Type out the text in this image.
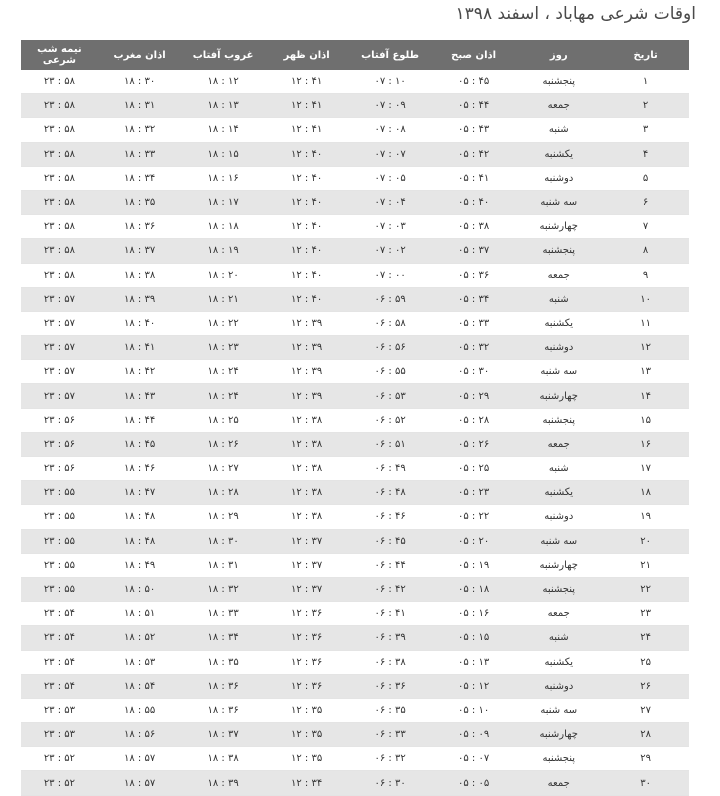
اوقات شرعی مهاباد ، اسفند ۱۳۹۸
تاریخ	روز	اذان صبح	طلوع آفتاب	اذان ظهر	غروب آفتاب	اذان مغرب	نیمه شب شرعی
۱	پنجشنبه	۰۵ : ۴۵	۰۷ : ۱۰	۱۲ : ۴۱	۱۸ : ۱۲	۱۸ : ۳۰	۲۳ : ۵۸
۲	جمعه	۰۵ : ۴۴	۰۷ : ۰۹	۱۲ : ۴۱	۱۸ : ۱۳	۱۸ : ۳۱	۲۳ : ۵۸
۳	شنبه	۰۵ : ۴۳	۰۷ : ۰۸	۱۲ : ۴۱	۱۸ : ۱۴	۱۸ : ۳۲	۲۳ : ۵۸
۴	یکشنبه	۰۵ : ۴۲	۰۷ : ۰۷	۱۲ : ۴۰	۱۸ : ۱۵	۱۸ : ۳۳	۲۳ : ۵۸
۵	دوشنبه	۰۵ : ۴۱	۰۷ : ۰۵	۱۲ : ۴۰	۱۸ : ۱۶	۱۸ : ۳۴	۲۳ : ۵۸
۶	سه شنبه	۰۵ : ۴۰	۰۷ : ۰۴	۱۲ : ۴۰	۱۸ : ۱۷	۱۸ : ۳۵	۲۳ : ۵۸
۷	چهارشنبه	۰۵ : ۳۸	۰۷ : ۰۳	۱۲ : ۴۰	۱۸ : ۱۸	۱۸ : ۳۶	۲۳ : ۵۸
۸	پنجشنبه	۰۵ : ۳۷	۰۷ : ۰۲	۱۲ : ۴۰	۱۸ : ۱۹	۱۸ : ۳۷	۲۳ : ۵۸
۹	جمعه	۰۵ : ۳۶	۰۷ : ۰۰	۱۲ : ۴۰	۱۸ : ۲۰	۱۸ : ۳۸	۲۳ : ۵۸
۱۰	شنبه	۰۵ : ۳۴	۰۶ : ۵۹	۱۲ : ۴۰	۱۸ : ۲۱	۱۸ : ۳۹	۲۳ : ۵۷
۱۱	یکشنبه	۰۵ : ۳۳	۰۶ : ۵۸	۱۲ : ۳۹	۱۸ : ۲۲	۱۸ : ۴۰	۲۳ : ۵۷
۱۲	دوشنبه	۰۵ : ۳۲	۰۶ : ۵۶	۱۲ : ۳۹	۱۸ : ۲۳	۱۸ : ۴۱	۲۳ : ۵۷
۱۳	سه شنبه	۰۵ : ۳۰	۰۶ : ۵۵	۱۲ : ۳۹	۱۸ : ۲۴	۱۸ : ۴۲	۲۳ : ۵۷
۱۴	چهارشنبه	۰۵ : ۲۹	۰۶ : ۵۳	۱۲ : ۳۹	۱۸ : ۲۴	۱۸ : ۴۳	۲۳ : ۵۷
۱۵	پنجشنبه	۰۵ : ۲۸	۰۶ : ۵۲	۱۲ : ۳۸	۱۸ : ۲۵	۱۸ : ۴۴	۲۳ : ۵۶
۱۶	جمعه	۰۵ : ۲۶	۰۶ : ۵۱	۱۲ : ۳۸	۱۸ : ۲۶	۱۸ : ۴۵	۲۳ : ۵۶
۱۷	شنبه	۰۵ : ۲۵	۰۶ : ۴۹	۱۲ : ۳۸	۱۸ : ۲۷	۱۸ : ۴۶	۲۳ : ۵۶
۱۸	یکشنبه	۰۵ : ۲۳	۰۶ : ۴۸	۱۲ : ۳۸	۱۸ : ۲۸	۱۸ : ۴۷	۲۳ : ۵۵
۱۹	دوشنبه	۰۵ : ۲۲	۰۶ : ۴۶	۱۲ : ۳۸	۱۸ : ۲۹	۱۸ : ۴۸	۲۳ : ۵۵
۲۰	سه شنبه	۰۵ : ۲۰	۰۶ : ۴۵	۱۲ : ۳۷	۱۸ : ۳۰	۱۸ : ۴۸	۲۳ : ۵۵
۲۱	چهارشنبه	۰۵ : ۱۹	۰۶ : ۴۴	۱۲ : ۳۷	۱۸ : ۳۱	۱۸ : ۴۹	۲۳ : ۵۵
۲۲	پنجشنبه	۰۵ : ۱۸	۰۶ : ۴۲	۱۲ : ۳۷	۱۸ : ۳۲	۱۸ : ۵۰	۲۳ : ۵۵
۲۳	جمعه	۰۵ : ۱۶	۰۶ : ۴۱	۱۲ : ۳۶	۱۸ : ۳۳	۱۸ : ۵۱	۲۳ : ۵۴
۲۴	شنبه	۰۵ : ۱۵	۰۶ : ۳۹	۱۲ : ۳۶	۱۸ : ۳۴	۱۸ : ۵۲	۲۳ : ۵۴
۲۵	یکشنبه	۰۵ : ۱۳	۰۶ : ۳۸	۱۲ : ۳۶	۱۸ : ۳۵	۱۸ : ۵۳	۲۳ : ۵۴
۲۶	دوشنبه	۰۵ : ۱۲	۰۶ : ۳۶	۱۲ : ۳۶	۱۸ : ۳۶	۱۸ : ۵۴	۲۳ : ۵۴
۲۷	سه شنبه	۰۵ : ۱۰	۰۶ : ۳۵	۱۲ : ۳۵	۱۸ : ۳۶	۱۸ : ۵۵	۲۳ : ۵۳
۲۸	چهارشنبه	۰۵ : ۰۹	۰۶ : ۳۳	۱۲ : ۳۵	۱۸ : ۳۷	۱۸ : ۵۶	۲۳ : ۵۳
۲۹	پنجشنبه	۰۵ : ۰۷	۰۶ : ۳۲	۱۲ : ۳۵	۱۸ : ۳۸	۱۸ : ۵۷	۲۳ : ۵۲
۳۰	جمعه	۰۵ : ۰۵	۰۶ : ۳۰	۱۲ : ۳۴	۱۸ : ۳۹	۱۸ : ۵۷	۲۳ : ۵۲
